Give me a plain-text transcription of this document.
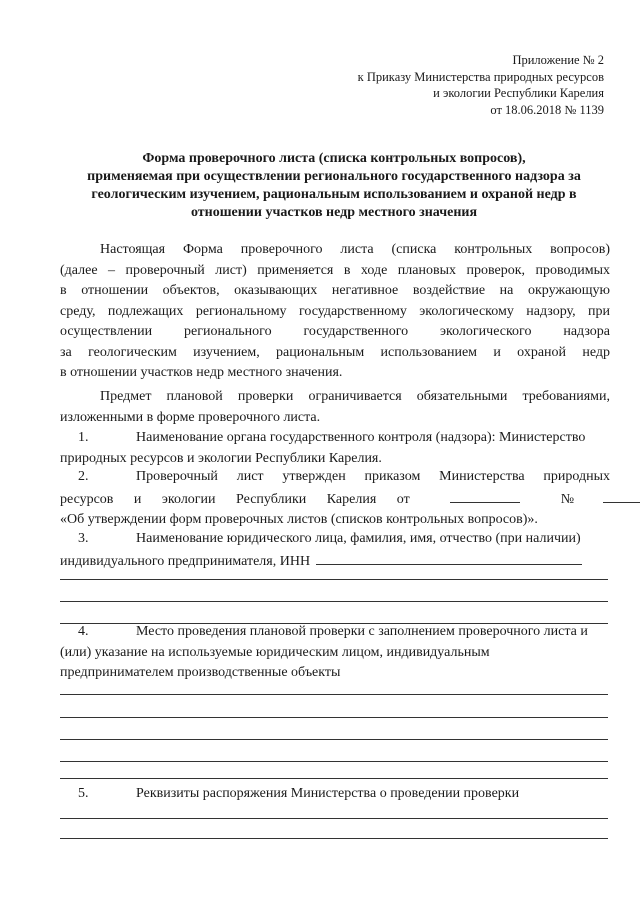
Приложение № 2
к Приказу Министерства природных ресурсов
и экологии Республики Карелия
от 18.06.2018 № 1139
Форма проверочного листа (списка контрольных вопросов),
применяемая при осуществлении регионального государственного надзора за
геологическим изучением, рациональным использованием и охраной недр в
отношении участков недр местного значения
Настоящая Форма проверочного листа (списка контрольных вопросов)
(далее – проверочный лист) применяется в ходе плановых проверок, проводимых
в отношении объектов, оказывающих негативное воздействие на окружающую
среду, подлежащих региональному государственному экологическому надзору, при
осуществлении регионального государственного экологического надзора
за геологическим изучением, рациональным использованием и охраной недр
в отношении участков недр местного значения.
Предмет плановой проверки ограничивается обязательными требованиями,
изложенными в форме проверочного листа.
1.	Наименование органа государственного контроля (надзора): Министерство
природных ресурсов и экологии Республики Карелия.
2.	Проверочный лист утвержден приказом Министерства природных
ресурсов и экологии Республики Карелия от	№
«Об утверждении форм проверочных листов (списков контрольных вопросов)».
3.	Наименование юридического лица, фамилия, имя, отчество (при наличии)
индивидуального предпринимателя, ИНН
4.	Место проведения плановой проверки с заполнением проверочного листа и
(или) указание на используемые юридическим лицом, индивидуальным
предпринимателем производственные объекты
5.	Реквизиты распоряжения Министерства о проведении проверки
